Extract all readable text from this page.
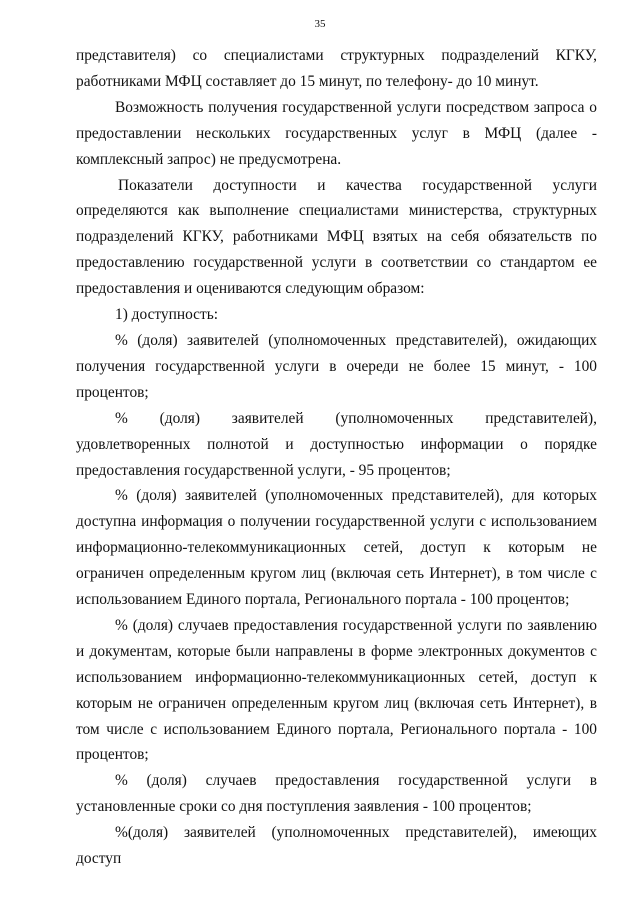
35

представителя) со специалистами структурных подразделений КГКУ, работниками МФЦ составляет до 15 минут, по телефону- до 10 минут.

Возможность получения государственной услуги посредством запроса о предоставлении нескольких государственных услуг в МФЦ (далее - комплексный запрос) не предусмотрена.

Показатели доступности и качества государственной услуги определяются как выполнение специалистами министерства, структурных подразделений КГКУ, работниками МФЦ взятых на себя обязательств по предоставлению государственной услуги в соответствии со стандартом ее предоставления и оцениваются следующим образом:

1) доступность:

% (доля) заявителей (уполномоченных представителей), ожидающих получения государственной услуги в очереди не более 15 минут, - 100 процентов;

% (доля) заявителей (уполномоченных представителей), удовлетворенных полнотой и доступностью информации о порядке предоставления государственной услуги, - 95 процентов;

% (доля) заявителей (уполномоченных представителей), для которых доступна информация о получении государственной услуги с использованием информационно-телекоммуникационных сетей, доступ к которым не ограничен определенным кругом лиц (включая сеть Интернет), в том числе с использованием Единого портала, Регионального портала - 100 процентов;

% (доля) случаев предоставления государственной услуги по заявлению и документам, которые были направлены в форме электронных документов с использованием информационно-телекоммуникационных сетей, доступ к которым не ограничен определенным кругом лиц (включая сеть Интернет), в том числе с использованием Единого портала, Регионального портала - 100 процентов;

% (доля) случаев предоставления государственной услуги в установленные сроки со дня поступления заявления - 100 процентов;

%(доля) заявителей (уполномоченных представителей), имеющих доступ
